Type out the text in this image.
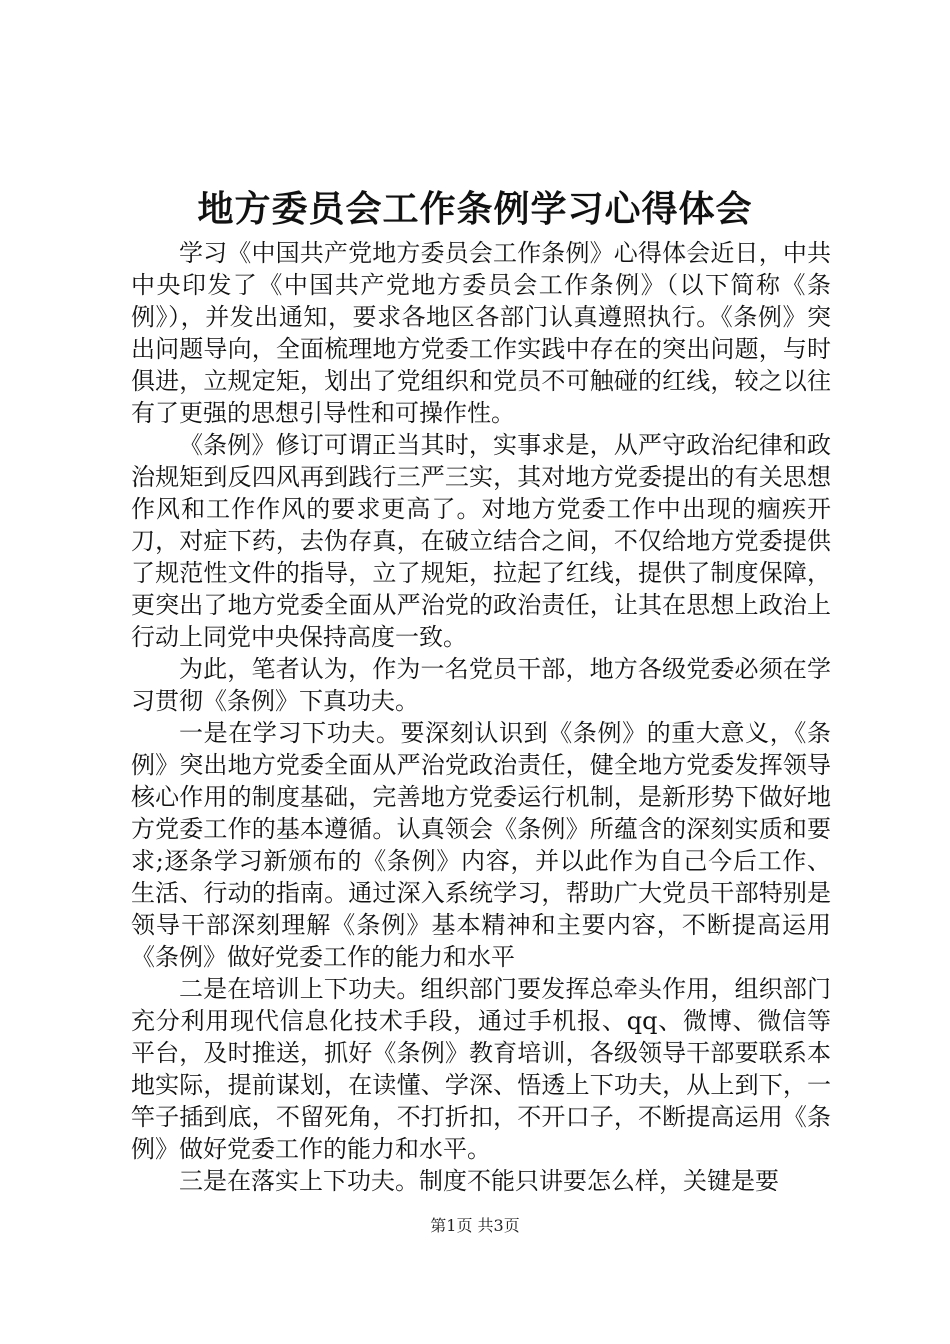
地方委员会工作条例学习心得体会

学习《中国共产党地方委员会工作条例》心得体会近日，中共中央印发了《中国共产党地方委员会工作条例》（以下简称《条例》），并发出通知，要求各地区各部门认真遵照执行。《条例》突出问题导向，全面梳理地方党委工作实践中存在的突出问题，与时俱进，立规定矩，划出了党组织和党员不可触碰的红线，较之以往有了更强的思想引导性和可操作性。

《条例》修订可谓正当其时，实事求是，从严守政治纪律和政治规矩到反四风再到践行三严三实，其对地方党委提出的有关思想作风和工作作风的要求更高了。对地方党委工作中出现的痼疾开刀，对症下药，去伪存真，在破立结合之间，不仅给地方党委提供了规范性文件的指导，立了规矩，拉起了红线，提供了制度保障，更突出了地方党委全面从严治党的政治责任，让其在思想上政治上行动上同党中央保持高度一致。

为此，笔者认为，作为一名党员干部，地方各级党委必须在学习贯彻《条例》下真功夫。

一是在学习下功夫。要深刻认识到《条例》的重大意义，《条例》突出地方党委全面从严治党政治责任，健全地方党委发挥领导核心作用的制度基础，完善地方党委运行机制，是新形势下做好地方党委工作的基本遵循。认真领会《条例》所蕴含的深刻实质和要求;逐条学习新颁布的《条例》内容，并以此作为自己今后工作、生活、行动的指南。通过深入系统学习，帮助广大党员干部特别是领导干部深刻理解《条例》基本精神和主要内容，不断提高运用《条例》做好党委工作的能力和水平

二是在培训上下功夫。组织部门要发挥总牵头作用，组织部门充分利用现代信息化技术手段，通过手机报、qq、微博、微信等平台，及时推送，抓好《条例》教育培训，各级领导干部要联系本地实际，提前谋划，在读懂、学深、悟透上下功夫，从上到下，一竿子插到底，不留死角，不打折扣，不开口子，不断提高运用《条例》做好党委工作的能力和水平。

三是在落实上下功夫。制度不能只讲要怎么样，关键是要

第1页 共3页
